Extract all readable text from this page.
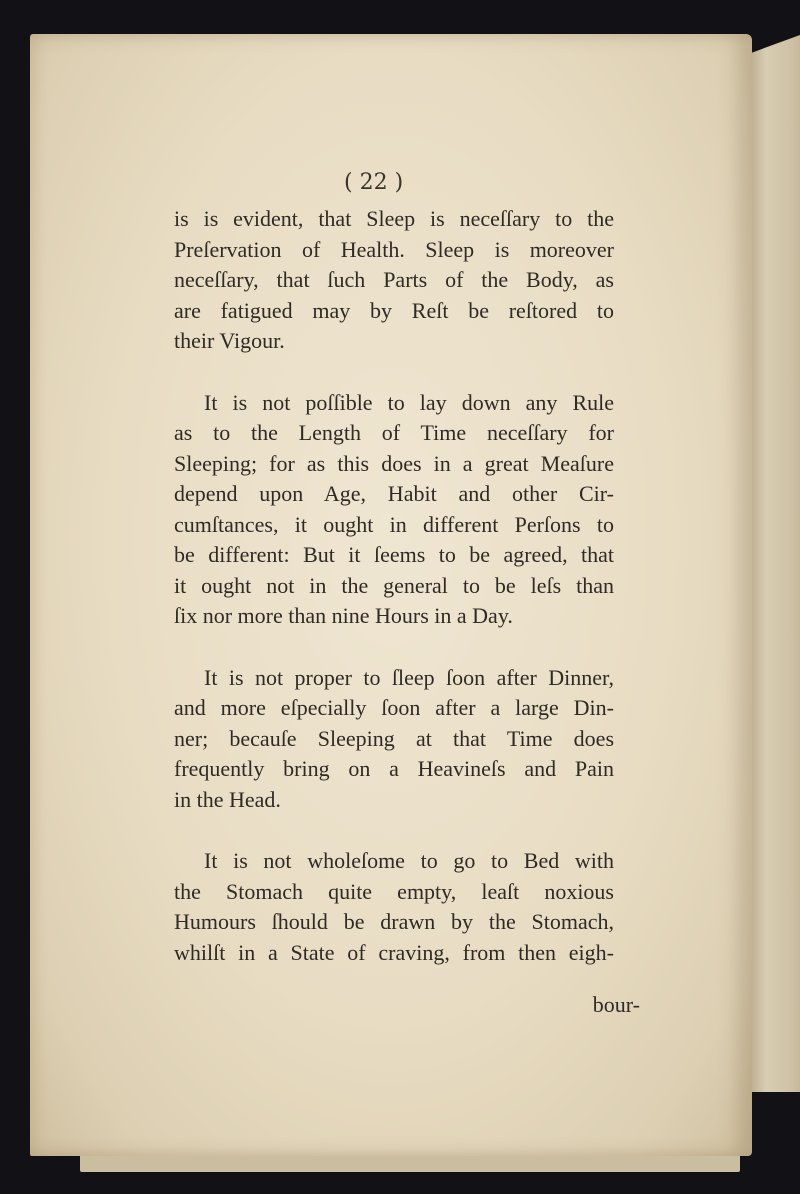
( 22 )
is is evident, that Sleep is neceſſary to the
Preſervation of Health. Sleep is moreover
neceſſary, that ſuch Parts of the Body, as
are fatigued may by Reſt be reſtored to
their Vigour.
It is not poſſible to lay down any Rule
as to the Length of Time neceſſary for
Sleeping; for as this does in a great Meaſure
depend upon Age, Habit and other Cir-
cumſtances, it ought in different Perſons to
be different: But it ſeems to be agreed, that
it ought not in the general to be leſs than
ſix nor more than nine Hours in a Day.
It is not proper to ſleep ſoon after Dinner,
and more eſpecially ſoon after a large Din-
ner; becauſe Sleeping at that Time does
frequently bring on a Heavineſs and Pain
in the Head.
It is not wholeſome to go to Bed with
the Stomach quite empty, leaſt noxious
Humours ſhould be drawn by the Stomach,
whilſt in a State of craving, from then eigh-
bour-
